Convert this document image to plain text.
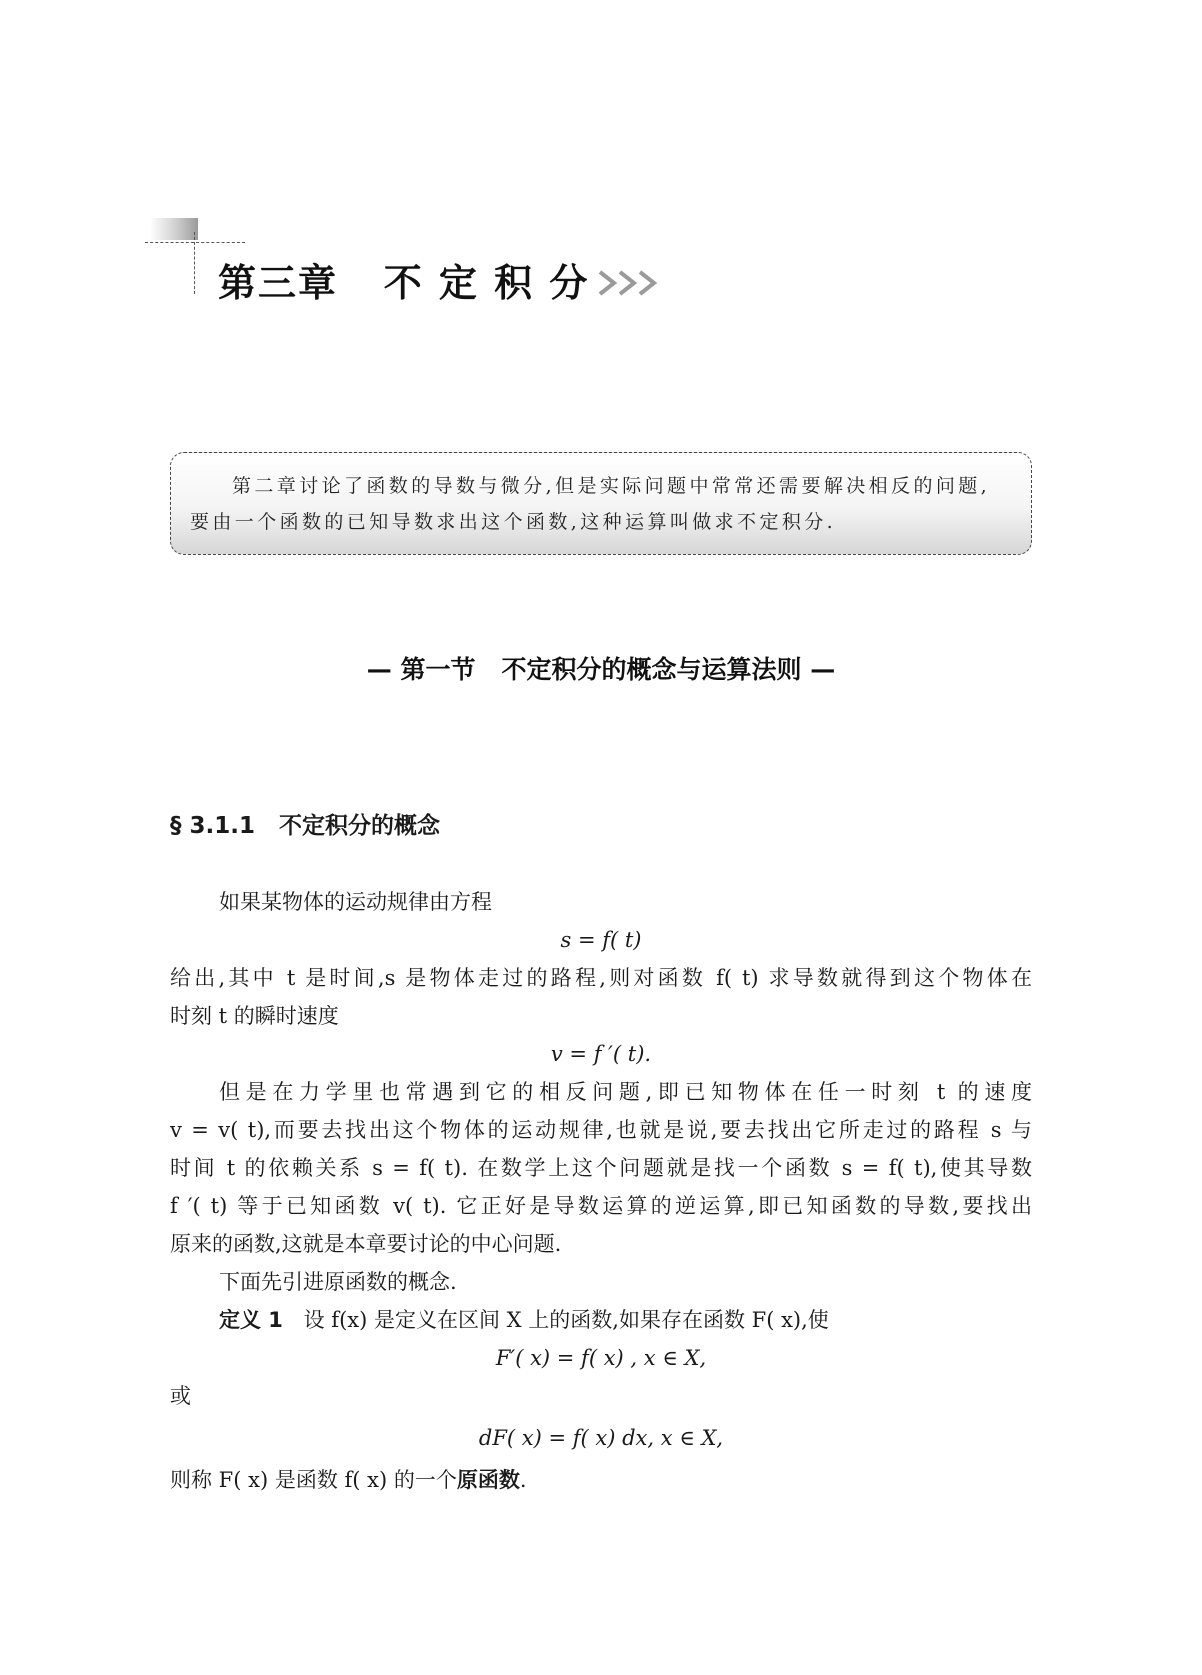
第三章   不 定 积 分
第二章讨论了函数的导数与微分,但是实际问题中常常还需要解决相反的问题,要由一个函数的已知导数求出这个函数,这种运算叫做求不定积分.
— 第一节   不定积分的概念与运算法则 —
§ 3.1.1   不定积分的概念
如果某物体的运动规律由方程
s = f( t)
给出,其中 t 是时间,s 是物体走过的路程,则对函数 f( t) 求导数就得到这个物体在
时刻 t 的瞬时速度
v = f ′( t).
但是在力学里也常遇到它的相反问题,即已知物体在任一时刻 t 的速度
v = v( t),而要去找出这个物体的运动规律,也就是说,要去找出它所走过的路程 s 与
时间 t 的依赖关系 s = f( t). 在数学上这个问题就是找一个函数 s = f( t),使其导数
f ′( t) 等于已知函数 v( t). 它正好是导数运算的逆运算,即已知函数的导数,要找出
原来的函数,这就是本章要讨论的中心问题.
下面先引进原函数的概念.
定义 1 设 f(x) 是定义在区间 X 上的函数,如果存在函数 F( x),使
F′( x) = f( x) , x ∈ X,
或
dF( x) = f( x) dx, x ∈ X,
则称 F( x) 是函数 f( x) 的一个原函数.
